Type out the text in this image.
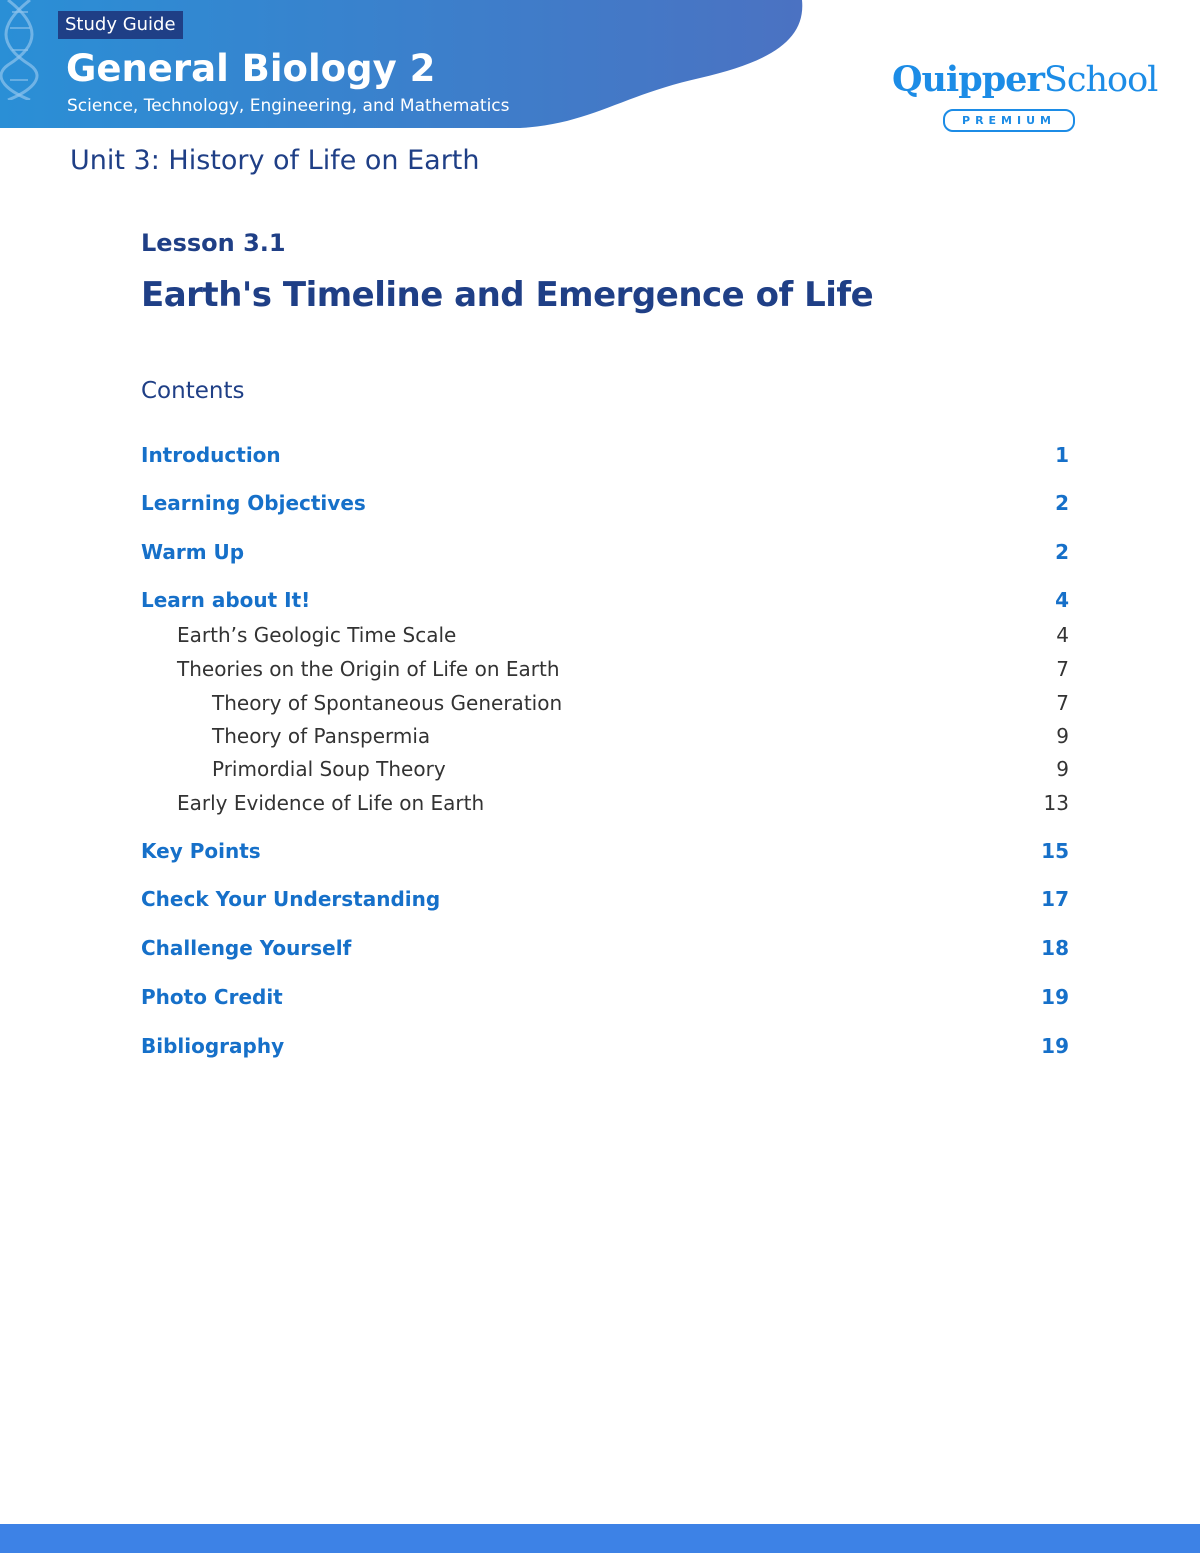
Study Guide
General Biology 2
Science, Technology, Engineering, and Mathematics
QuipperSchool
PREMIUM
Unit 3: History of Life on Earth
Lesson 3.1
Earth's Timeline and Emergence of Life
Contents
Introduction	1
Learning Objectives	2
Warm Up	2
Learn about It!	4
Earth’s Geologic Time Scale	4
Theories on the Origin of Life on Earth	7
Theory of Spontaneous Generation	7
Theory of Panspermia	9
Primordial Soup Theory	9
Early Evidence of Life on Earth	13
Key Points	15
Check Your Understanding	17
Challenge Yourself	18
Photo Credit	19
Bibliography	19
